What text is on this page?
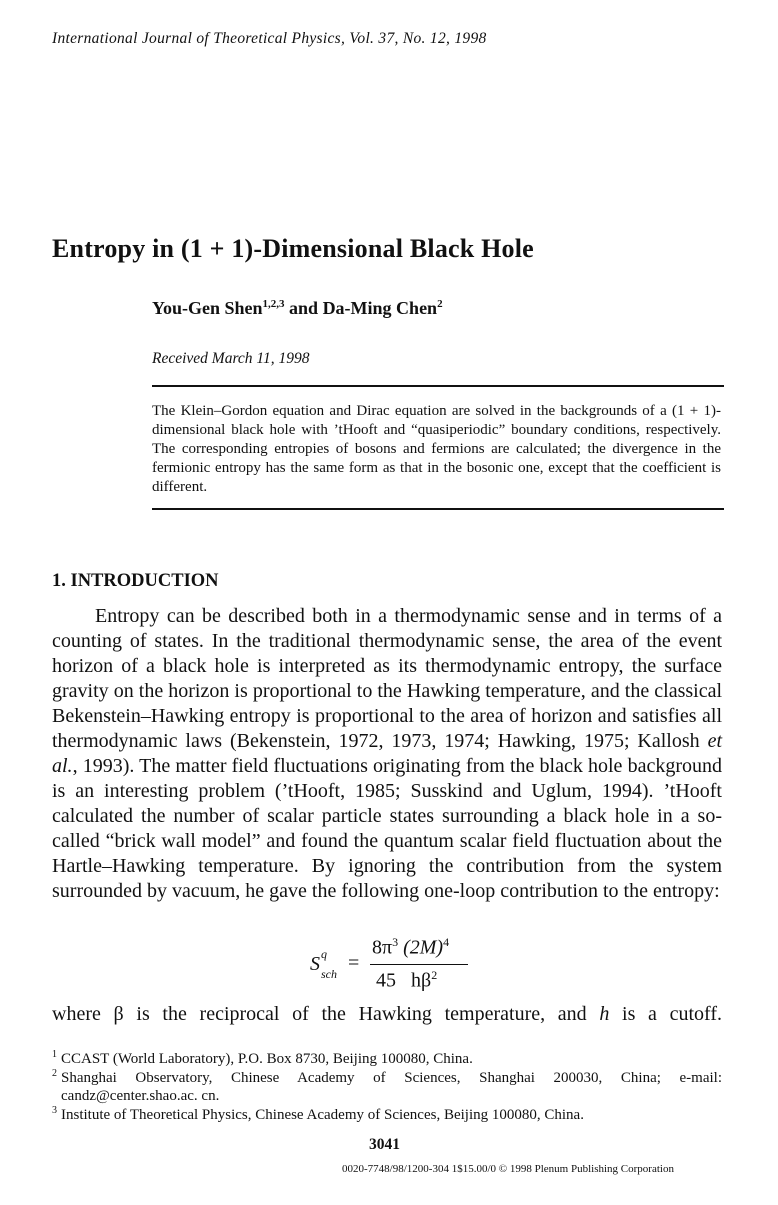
International Journal of Theoretical Physics, Vol. 37, No. 12, 1998
Entropy in (1 + 1)-Dimensional Black Hole
You-Gen Shen$^{1,2,3}$ and Da-Ming Chen$^2$
Received March 11, 1998
The Klein–Gordon equation and Dirac equation are solved in the backgrounds of a (1 + 1)-dimensional black hole with ’tHooft and “quasiperiodic” boundary conditions, respectively. The corresponding entropies of bosons and fermions are calculated; the divergence in the fermionic entropy has the same form as that in the bosonic one, except that the coefficient is different.
1. INTRODUCTION

Entropy can be described both in a thermodynamic sense and in terms of a counting of states. In the traditional thermodynamic sense, the area of the event horizon of a black hole is interpreted as its thermodynamic entropy, the surface gravity on the horizon is proportional to the Hawking temperature, and the classical Bekenstein–Hawking entropy is proportional to the area of horizon and satisfies all thermodynamic laws (Bekenstein, 1972, 1973, 1974; Hawking, 1975; Kallosh et al., 1993). The matter field fluctuations originating from the black hole background is an interesting problem (’tHooft, 1985; Susskind and Uglum, 1994). ’tHooft calculated the number of scalar particle states surrounding a black hole in a so-called “brick wall model” and found the quantum scalar field fluctuation about the Hartle–Hawking temperature. By ignoring the contribution from the system surrounded by vacuum, he gave the following one-loop contribution to the entropy:

S q
sch =
$8\pi^3$ $(2M)^4$
45 $h\beta^2$
where β is the reciprocal of the Hawking temperature, and h is a cutoff.
1 CCAST (World Laboratory), P.O. Box 8730, Beijing 100080, China.
2 Shanghai Observatory, Chinese Academy of Sciences, Shanghai 200030, China; e-mail:
candz@center.shao.ac. cn.
3 Institute of Theoretical Physics, Chinese Academy of Sciences, Beijing 100080, China.
3041
0020-7748/98/1200-304 1$15.00/0 © 1998 Plenum Publishing Corporation
